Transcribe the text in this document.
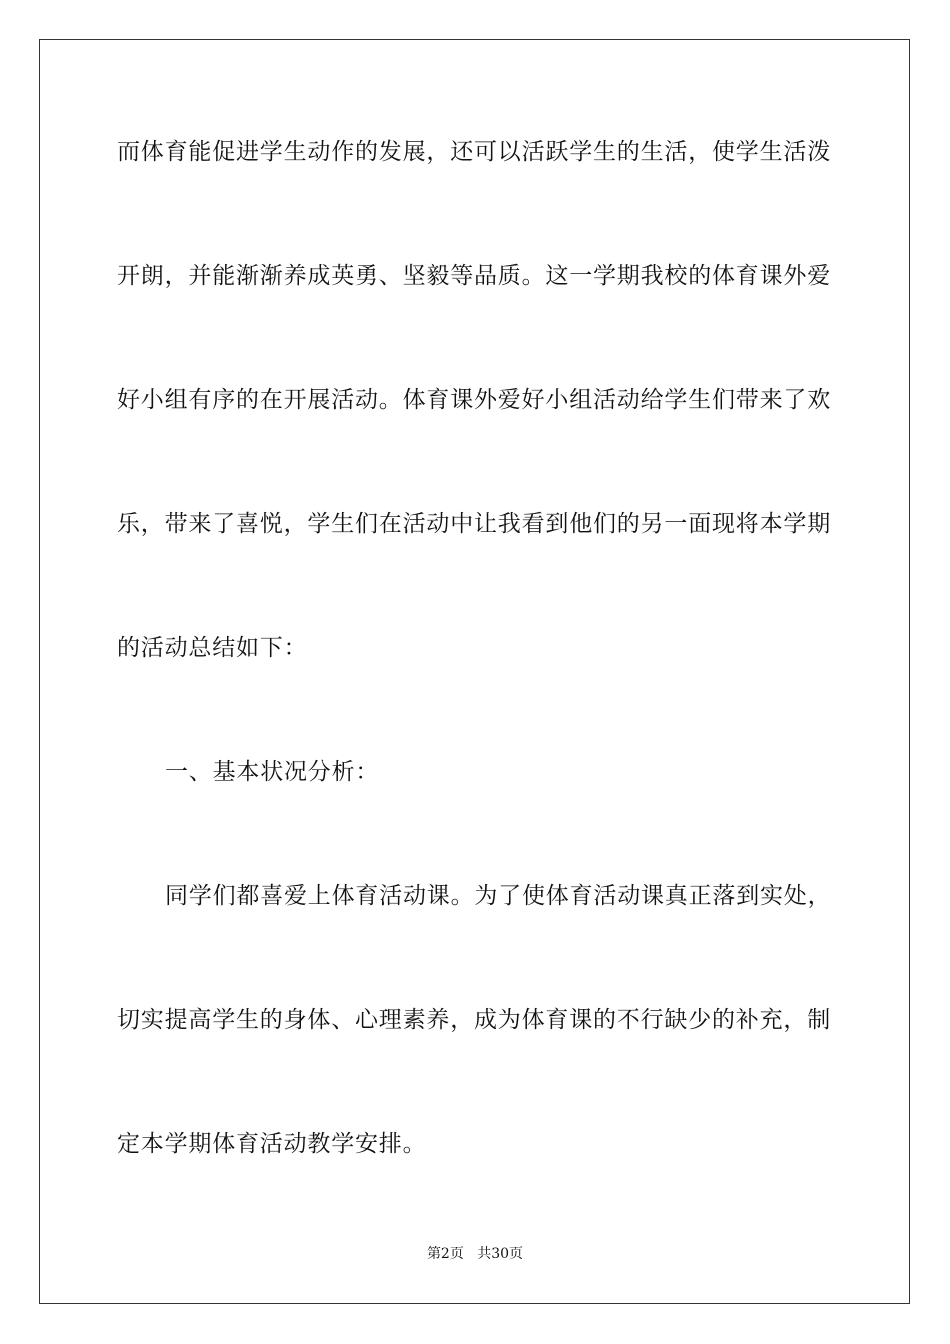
而体育能促进学生动作的发展，还可以活跃学生的生活，使学生活泼
开朗，并能渐渐养成英勇、坚毅等品质。这一学期我校的体育课外爱
好小组有序的在开展活动。体育课外爱好小组活动给学生们带来了欢
乐，带来了喜悦，学生们在活动中让我看到他们的另一面现将本学期
的活动总结如下：
一、基本状况分析：
同学们都喜爱上体育活动课。为了使体育活动课真正落到实处，
切实提高学生的身体、心理素养，成为体育课的不行缺少的补充，制
定本学期体育活动教学安排。
第2页 共30页
